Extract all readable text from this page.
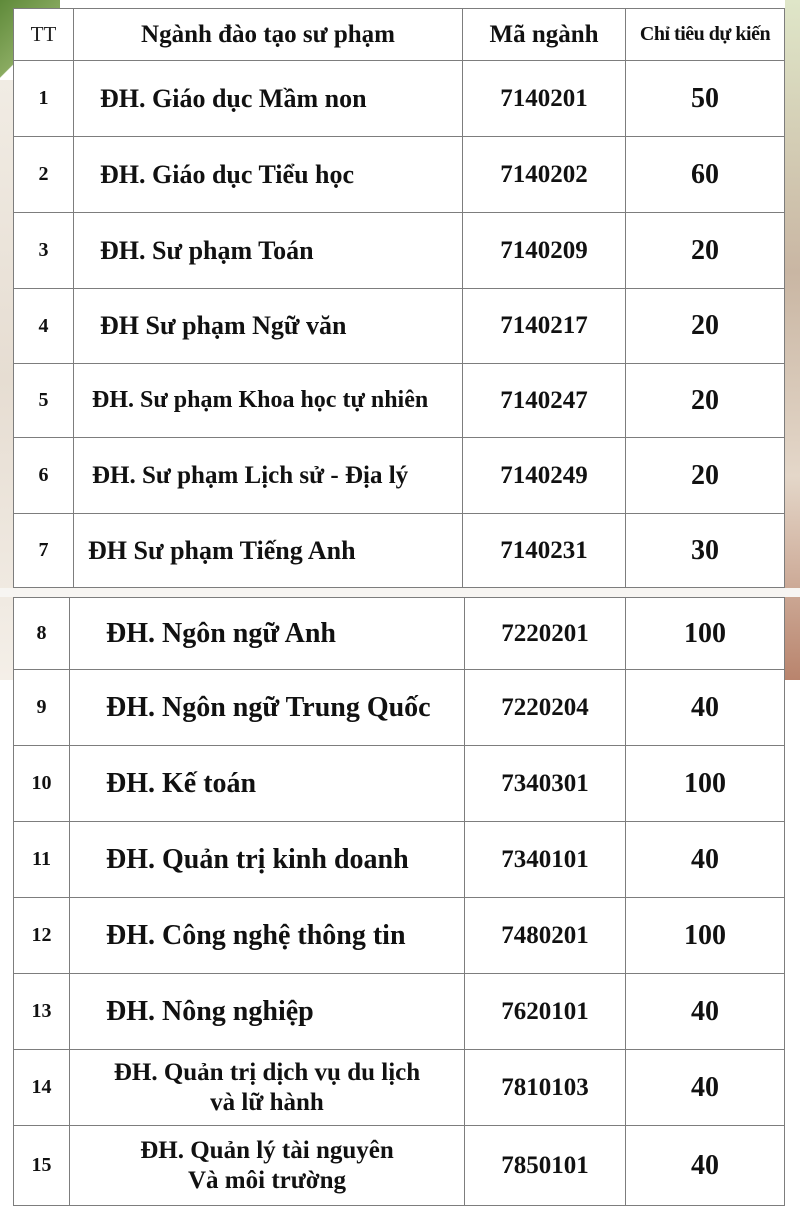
TT	Ngành đào tạo sư phạm	Mã ngành	Chỉ tiêu dự kiến
1	ĐH. Giáo dục Mầm non	7140201	50
2	ĐH. Giáo dục Tiểu học	7140202	60
3	ĐH. Sư phạm Toán	7140209	20
4	ĐH Sư phạm Ngữ văn	7140217	20
5	ĐH. Sư phạm Khoa học tự nhiên	7140247	20
6	ĐH. Sư phạm Lịch sử - Địa lý	7140249	20
7	ĐH Sư phạm Tiếng Anh	7140231	30
8	ĐH. Ngôn ngữ Anh	7220201	100
9	ĐH. Ngôn ngữ Trung Quốc	7220204	40
10	ĐH. Kế toán	7340301	100
11	ĐH. Quản trị kinh doanh	7340101	40
12	ĐH. Công nghệ thông tin	7480201	100
13	ĐH. Nông nghiệp	7620101	40
14	ĐH. Quản trị dịch vụ du lịch
và lữ hành	7810103	40
15	ĐH. Quản lý tài nguyên
Và môi trường	7850101	40
